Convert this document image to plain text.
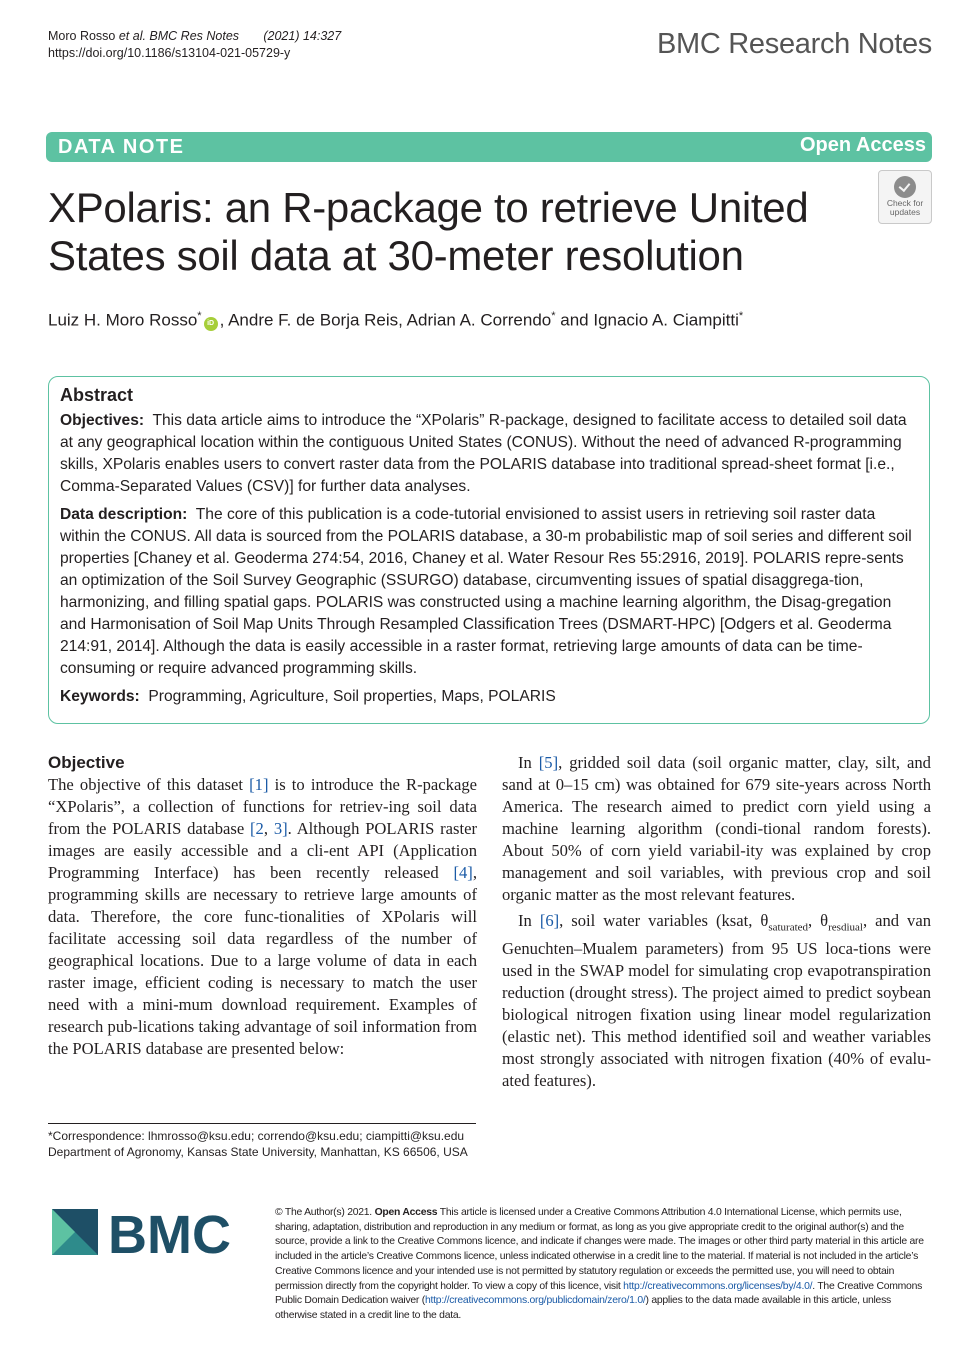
Moro Rosso et al. BMC Res Notes (2021) 14:327
https://doi.org/10.1186/s13104-021-05729-y	BMC Research Notes
DATA NOTE	Open Access
XPolaris: an R-package to retrieve United
States soil data at 30-meter resolution
Check for
updates
Luiz H. Moro Rosso*iD , Andre F. de Borja Reis, Adrian A. Correndo* and Ignacio A. Ciampitti*
Abstract

Objectives: This data article aims to introduce the “XPolaris” R-package, designed to facilitate access to detailed soil data at any geographical location within the contiguous United States (CONUS). Without the need of advanced R-programming skills, XPolaris enables users to convert raster data from the POLARIS database into traditional spread-sheet format [i.e., Comma-Separated Values (CSV)] for further data analyses.

Data description: The core of this publication is a code-tutorial envisioned to assist users in retrieving soil raster data within the CONUS. All data is sourced from the POLARIS database, a 30-m probabilistic map of soil series and different soil properties [Chaney et al. Geoderma 274:54, 2016, Chaney et al. Water Resour Res 55:2916, 2019]. POLARIS repre-sents an optimization of the Soil Survey Geographic (SSURGO) database, circumventing issues of spatial disaggrega-tion, harmonizing, and filling spatial gaps. POLARIS was constructed using a machine learning algorithm, the Disag-gregation and Harmonisation of Soil Map Units Through Resampled Classification Trees (DSMART-HPC) [Odgers et al. Geoderma 214:91, 2014]. Although the data is easily accessible in a raster format, retrieving large amounts of data can be time-consuming or require advanced programming skills.

Keywords: Programming, Agriculture, Soil properties, Maps, POLARIS

Objective

The objective of this dataset [1] is to introduce the R-package “XPolaris”, a collection of functions for retriev-ing soil data from the POLARIS database [2, 3]. Although POLARIS raster images are easily accessible and a cli-ent API (Application Programming Interface) has been recently released [4], programming skills are necessary to retrieve large amounts of data. Therefore, the core func-tionalities of XPolaris will facilitate accessing soil data regardless of the number of geographical locations. Due to a large volume of data in each raster image, efficient coding is necessary to match the user need with a mini-mum download requirement. Examples of research pub-lications taking advantage of soil information from the POLARIS database are presented below:

In [5], gridded soil data (soil organic matter, clay, silt, and sand at 0–15 cm) was obtained for 679 site-years across North America. The research aimed to predict corn yield using a machine learning algorithm (condi-tional random forests). About 50% of corn yield variabil-ity was explained by crop management and soil variables, with previous crop and soil organic matter as the most relevant features.

In [6], soil water variables (ksat, $\theta_{saturated}$, $\theta_{resdiual}$, and van Genuchten–Mualem parameters) from 95 US loca-tions were used in the SWAP model for simulating crop evapotranspiration reduction (drought stress). The project aimed to predict soybean biological nitrogen fixation using linear model regularization (elastic net). This method identified soil and weather variables most strongly associated with nitrogen fixation (40% of evalu-ated features).

*Correspondence: lhmrosso@ksu.edu; correndo@ksu.edu; ciampitti@ksu.edu
Department of Agronomy, Kansas State University, Manhattan, KS 66506, USA
BMC	© The Author(s) 2021. Open Access This article is licensed under a Creative Commons Attribution 4.0 International License, which permits use, sharing, adaptation, distribution and reproduction in any medium or format, as long as you give appropriate credit to the original author(s) and the source, provide a link to the Creative Commons licence, and indicate if changes were made. The images or other third party material in this article are included in the article’s Creative Commons licence, unless indicated otherwise in a credit line to the material. If material is not included in the article’s Creative Commons licence and your intended use is not permitted by statutory regulation or exceeds the permitted use, you will need to obtain permission directly from the copyright holder. To view a copy of this licence, visit http://creativecommons.org/licenses/by/4.0/. The Creative Commons Public Domain Dedication waiver (http://creativecommons.org/publicdomain/zero/1.0/) applies to the data made available in this article, unless otherwise stated in a credit line to the data.
